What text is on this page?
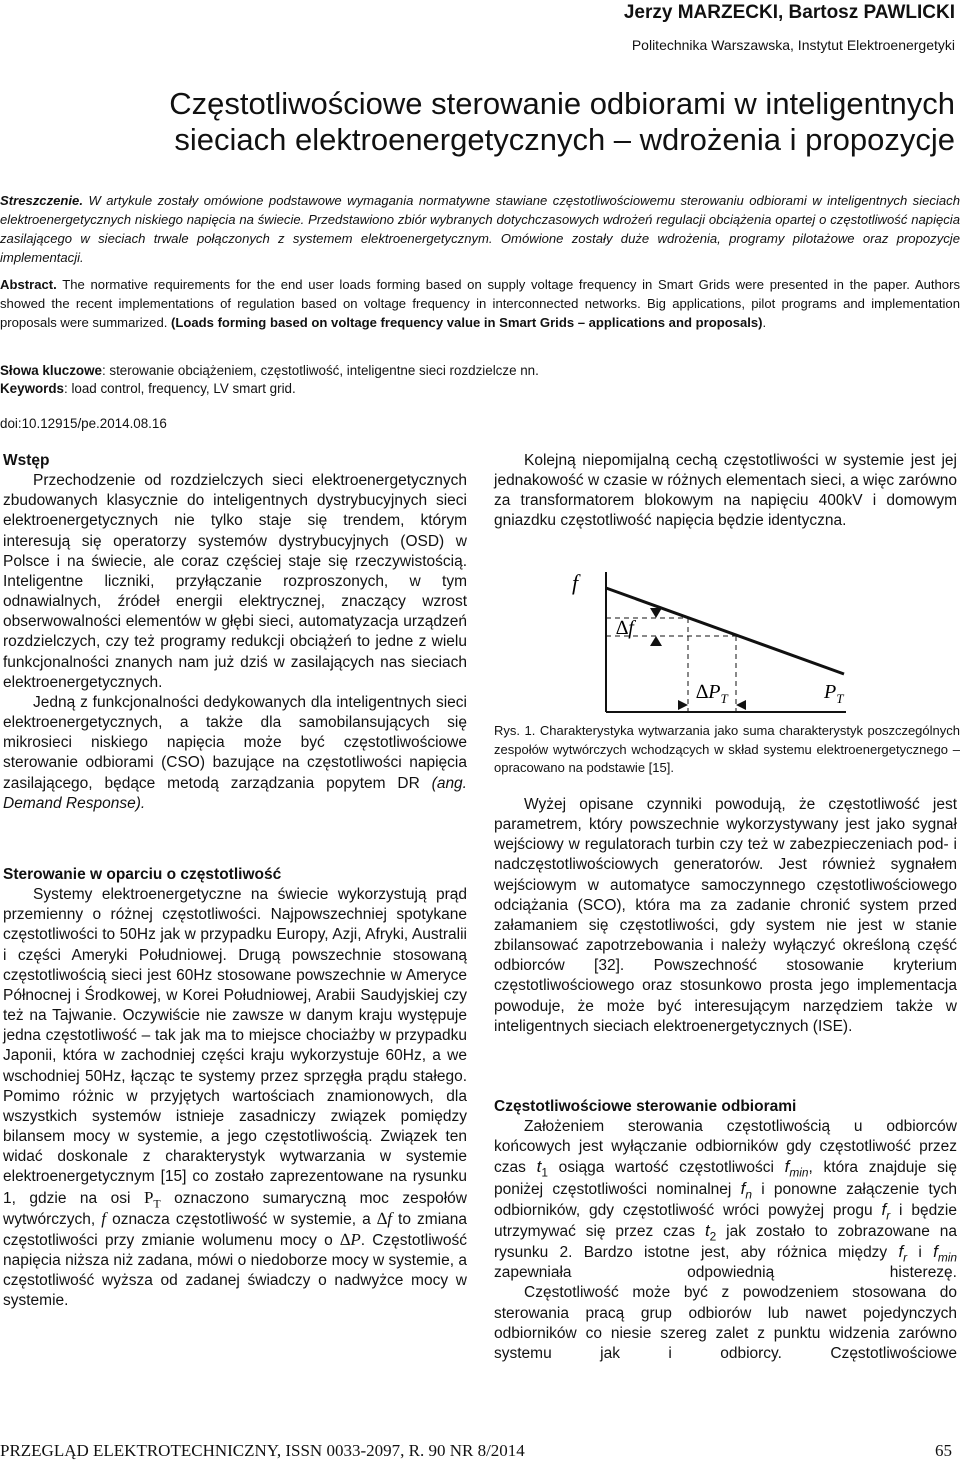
Jerzy MARZECKI, Bartosz PAWLICKI
Politechnika Warszawska, Instytut Elektroenergetyki
Częstotliwościowe sterowanie odbiorami w inteligentnych
sieciach elektroenergetycznych – wdrożenia i propozycje

Streszczenie. W artykule zostały omówione podstawowe wymagania normatywne stawiane częstotliwościowemu sterowaniu odbiorami w inteligentnych sieciach elektroenergetycznych niskiego napięcia na świecie. Przedstawiono zbiór wybranych dotychczasowych wdrożeń regulacji obciążenia opartej o częstotliwość napięcia zasilającego w sieciach trwale połączonych z systemem elektroenergetycznym. Omówione zostały duże wdrożenia, programy pilotażowe oraz propozycje implementacji.

Abstract. The normative requirements for the end user loads forming based on supply voltage frequency in Smart Grids were presented in the paper. Authors showed the recent implementations of regulation based on voltage frequency in interconnected networks. Big applications, pilot programs and implementation proposals were summarized. (Loads forming based on voltage frequency value in Smart Grids – applications and proposals).

Słowa kluczowe: sterowanie obciążeniem, częstotliwość, inteligentne sieci rozdzielcze nn.
Keywords: load control, frequency, LV smart grid.
doi:10.12915/pe.2014.08.16
Wstęp

Przechodzenie od rozdzielczych sieci elektroenergetycznych zbudowanych klasycznie do inteligentnych dystrybucyjnych sieci elektroenergetycznych nie tylko staje się trendem, którym interesują się operatorzy systemów dystrybucyjnych (OSD) w Polsce i na świecie, ale coraz częściej staje się rzeczywistością. Inteligentne liczniki, przyłączanie rozproszonych, w tym odnawialnych, źródeł energii elektrycznej, znaczący wzrost obserwowalności elementów w głębi sieci, automatyzacja urządzeń rozdzielczych, czy też programy redukcji obciążeń to jedne z wielu funkcjonalności znanych nam już dziś w zasilających nas sieciach elektroenergetycznych.

Jedną z funkcjonalności dedykowanych dla inteligentnych sieci elektroenergetycznych, a także dla samobilansujących się mikrosieci niskiego napięcia może być częstotliwościowe sterowanie odbiorami (CSO) bazujące na częstotliwości napięcia zasilającego, będące metodą zarządzania popytem DR (ang. Demand Response).

Sterowanie w oparciu o częstotliwość

Systemy elektroenergetyczne na świecie wykorzystują prąd przemienny o różnej częstotliwości. Najpowszechniej spotykane częstotliwości to 50Hz jak w przypadku Europy, Azji, Afryki, Australii i części Ameryki Południowej. Drugą powszechnie stosowaną częstotliwością sieci jest 60Hz stosowane powszechnie w Ameryce Północnej i Środkowej, w Korei Południowej, Arabii Saudyjskiej czy też na Tajwanie. Oczywiście nie zawsze w danym kraju występuje jedna częstotliwość – tak jak ma to miejsce chociażby w przypadku Japonii, która w zachodniej części kraju wykorzystuje 60Hz, a we wschodniej 50Hz, łącząc te systemy przez sprzęgła prądu stałego. Pomimo różnic w przyjętych wartościach znamionowych, dla wszystkich systemów istnieje zasadniczy związek pomiędzy bilansem mocy w systemie, a jego częstotliwością. Związek ten widać doskonale z charakterystyk wytwarzania w systemie elektroenergetycznym [15] co zostało zaprezentowane na rysunku 1, gdzie na osi $P_T$ oznaczono sumaryczną moc zespołów wytwórczych, f oznacza częstotliwość w systemie, a ∆f to zmiana częstotliwości przy zmianie wolumenu mocy o ∆P. Częstotliwość napięcia niższa niż zadana, mówi o niedoborze mocy w systemie, a częstotliwość wyższa od zadanej świadczy o nadwyżce mocy w systemie.

Kolejną niepomijalną cechą częstotliwości w systemie jest jej jednakowość w czasie w różnych elementach sieci, a więc zarówno za transformatorem blokowym na napięciu 400kV i domowym gniazdku częstotliwość napięcia będzie identyczna.

f
∆f
$\Delta P_T$	$P_T$

Rys. 1. Charakterystyka wytwarzania jako suma charakterystyk poszczególnych zespołów wytwórczych wchodzących w skład systemu elektroenergetycznego – opracowano na podstawie [15].

Wyżej opisane czynniki powodują, że częstotliwość jest parametrem, który powszechnie wykorzystywany jest jako sygnał wejściowy w regulatorach turbin czy też w zabezpieczeniach pod- i nadczęstotliwościowych generatorów. Jest również sygnałem wejściowym w automatyce samoczynnego częstotliwościowego odciążania (SCO), która ma za zadanie chronić system przed załamaniem się częstotliwości, gdy system nie jest w stanie zbilansować zapotrzebowania i należy wyłączyć określoną część odbiorców [32]. Powszechność stosowanie kryterium częstotliwościowego oraz stosunkowo prosta jego implementacja powoduje, że może być interesującym narzędziem także w inteligentnych sieciach elektroenergetycznych (ISE).

Częstotliwościowe sterowanie odbiorami

Założeniem sterowania częstotliwością u odbiorców końcowych jest wyłączanie odbiorników gdy częstotliwość przez czas $t_1$ osiąga wartość częstotliwości $f_{min}$, która znajduje się poniżej częstotliwości nominalnej $f_n$ i ponowne załączenie tych odbiorników, gdy częstotliwość wróci powyżej progu $f_r$ i będzie utrzymywać się przez czas $t_2$ jak zostało to zobrazowane na rysunku 2. Bardzo istotne jest, aby różnica między $f_r$ i $f_{min}$ zapewniała odpowiednią histerezę.

Częstotliwość może być z powodzeniem stosowana do sterowania pracą grup odbiorów lub nawet pojedynczych odbiorników co niesie szereg zalet z punktu widzenia zarówno systemu jak i odbiorcy. Częstotliwościowe

PRZEGLĄD ELEKTROTECHNICZNY, ISSN 0033-2097, R. 90 NR 8/2014	65
